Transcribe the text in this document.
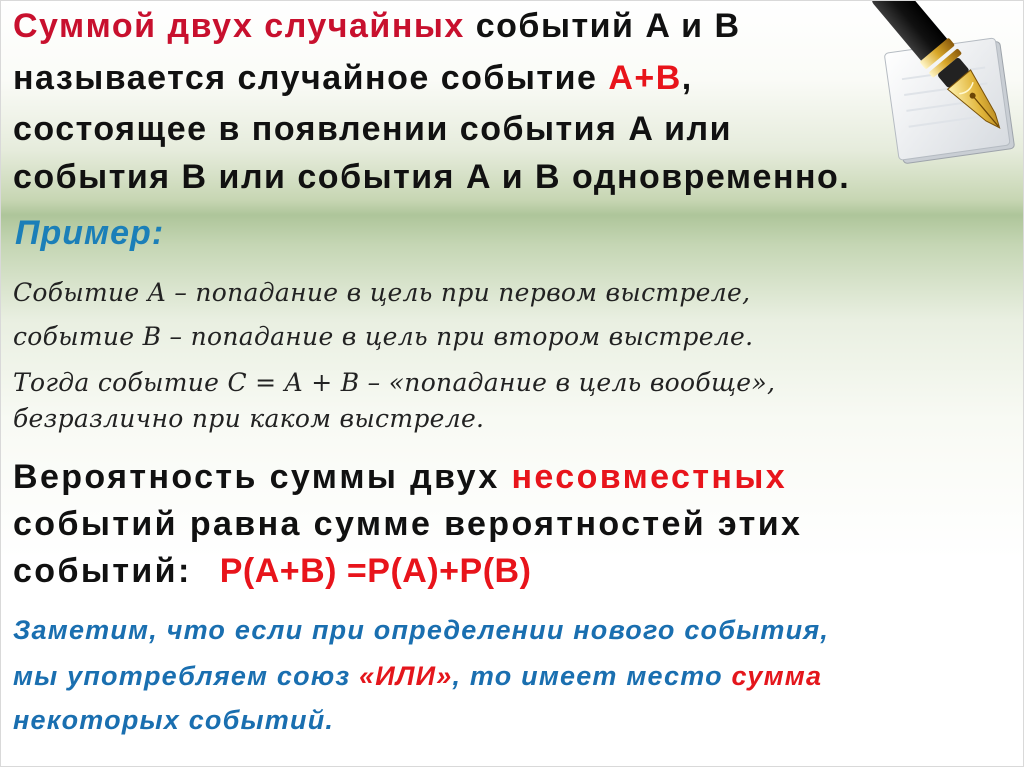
Суммой двух случайных событий A и B
называется случайное событие A+B,
состоящее в появлении события A или
события B или события A и B одновременно.
Пример:
Событие A – попадание в цель при первом выстреле,
событие B – попадание в цель при втором выстреле.
Тогда событие C = A + B – «попадание в цель вообще»,
безразлично при каком выстреле.
Вероятность суммы двух несовместных
событий равна сумме вероятностей этих
событий: P(A+B) =P(A)+P(B)
Заметим, что если при определении нового события,
мы употребляем союз «ИЛИ», то имеет место сумма
некоторых событий.
